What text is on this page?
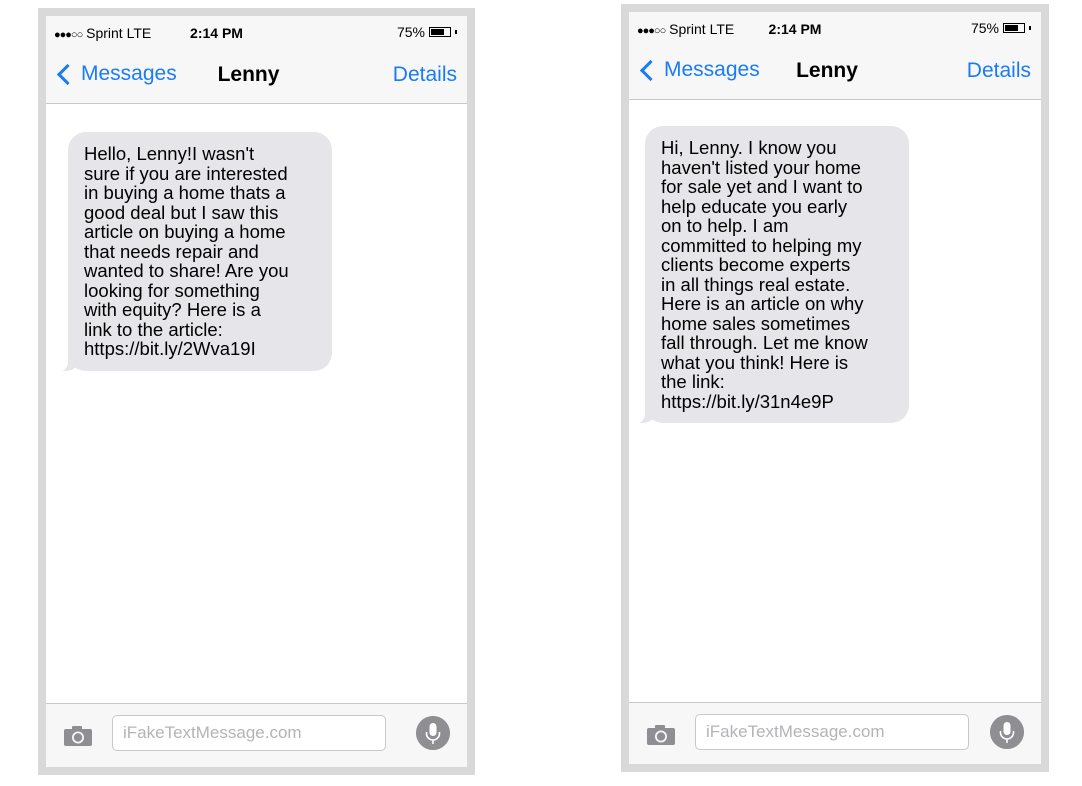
●●●○○ Sprint LTE	2:14 PM	75%
Messages Lenny	Details
Hello, Lenny!I wasn't
sure if you are interested
in buying a home thats a
good deal but I saw this
article on buying a home
that needs repair and
wanted to share! Are you
looking for something
with equity? Here is a
link to the article:
https://bit.ly/2Wva19I
iFakeTextMessage.com
●●●○○ Sprint LTE 2:14 PM	75%
Messages Lenny	Details
Hi, Lenny. I know you
haven't listed your home
for sale yet and I want to
help educate you early
on to help. I am
committed to helping my
clients become experts
in all things real estate.
Here is an article on why
home sales sometimes
fall through. Let me know
what you think! Here is
the link:
https://bit.ly/31n4e9P
iFakeTextMessage.com
